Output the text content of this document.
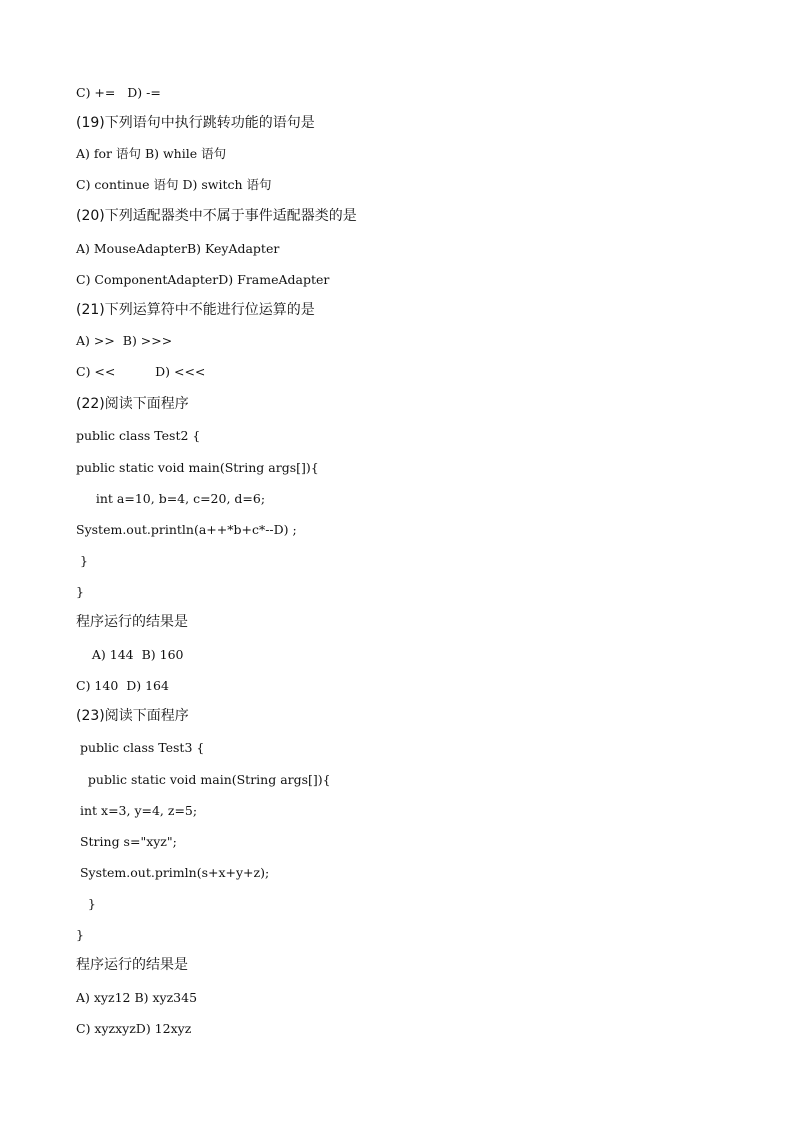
C) +=   D) -=
(19)下列语句中执行跳转功能的语句是
A) for 语句 B) while 语句
C) continue 语句 D) switch 语句
(20)下列适配器类中不属于事件适配器类的是
A) MouseAdapterB) KeyAdapter
C) ComponentAdapterD) FrameAdapter
(21)下列运算符中不能进行位运算的是
A) >>  B) >>>
C) <<          D) <<<
(22)阅读下面程序
public class Test2 {
public static void main(String args[]){
int a=10, b=4, c=20, d=6;
System.out.println(a++*b+c*--D) ;
}
}
程序运行的结果是
A) 144  B) 160
C) 140  D) 164
(23)阅读下面程序
public class Test3 {
public static void main(String args[]){
int x=3, y=4, z=5;
String s="xyz";
System.out.primln(s+x+y+z);
}
}
程序运行的结果是
A) xyz12 B) xyz345
C) xyzxyzD) 12xyz
